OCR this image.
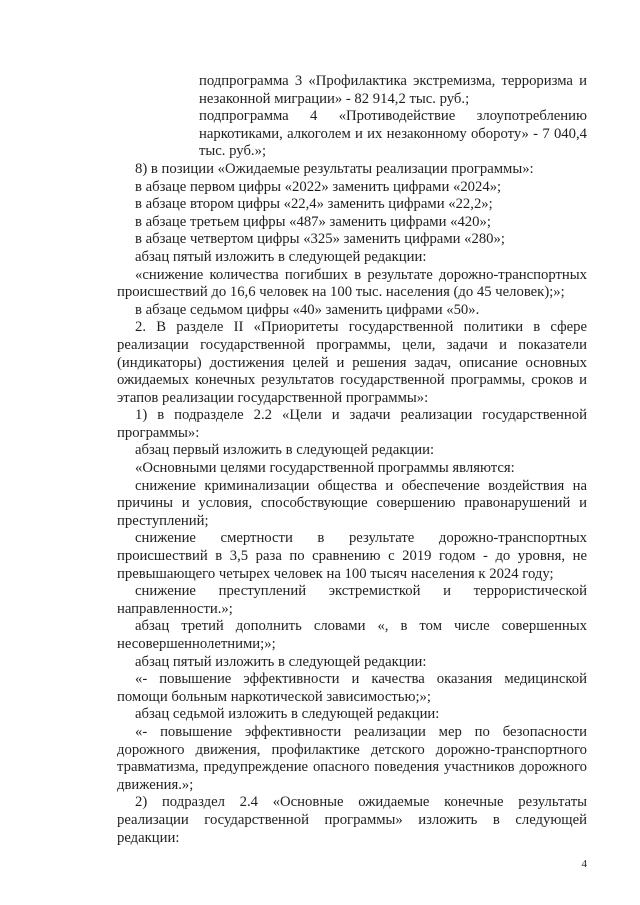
подпрограмма 3 «Профилактика экстремизма, терроризма и незаконной миграции» - 82 914,2 тыс. руб.;

подпрограмма 4 «Противодействие злоупотреблению наркотиками, алкоголем и их незаконному обороту» - 7 040,4 тыс. руб.»;

8) в позиции «Ожидаемые результаты реализации программы»:

в абзаце первом цифры «2022» заменить цифрами «2024»;

в абзаце втором цифры «22,4» заменить цифрами «22,2»;

в абзаце третьем цифры «487» заменить цифрами «420»;

в абзаце четвертом цифры «325» заменить цифрами «280»;

абзац пятый изложить в следующей редакции:

«снижение количества погибших в результате дорожно-транспортных происшествий до 16,6 человек на 100 тыс. населения (до 45 человек);»;

в абзаце седьмом цифры «40» заменить цифрами «50».

2. В разделе II «Приоритеты государственной политики в сфере реализации государственной программы, цели, задачи и показатели (индикаторы) достижения целей и решения задач, описание основных ожидаемых конечных результатов государственной программы, сроков и этапов реализации государственной программы»:

1) в подразделе 2.2 «Цели и задачи реализации государственной программы»:

абзац первый изложить в следующей редакции:

«Основными целями государственной программы являются:

снижение криминализации общества и обеспечение воздействия на причины и условия, способствующие совершению правонарушений и преступлений;

снижение смертности в результате дорожно-транспортных происшествий в 3,5 раза по сравнению с 2019 годом - до уровня, не превышающего четырех человек на 100 тысяч населения к 2024 году;

снижение преступлений экстремисткой и террористической направленности.»;

абзац третий дополнить словами «, в том числе совершенных несовершеннолетними;»;

абзац пятый изложить в следующей редакции:

«- повышение эффективности и качества оказания медицинской помощи больным наркотической зависимостью;»;

абзац седьмой изложить в следующей редакции:

«- повышение эффективности реализации мер по безопасности дорожного движения, профилактике детского дорожно-транспортного травматизма, предупреждение опасного поведения участников дорожного движения.»;

2) подраздел 2.4 «Основные ожидаемые конечные результаты реализации государственной программы» изложить в следующей редакции:

4
